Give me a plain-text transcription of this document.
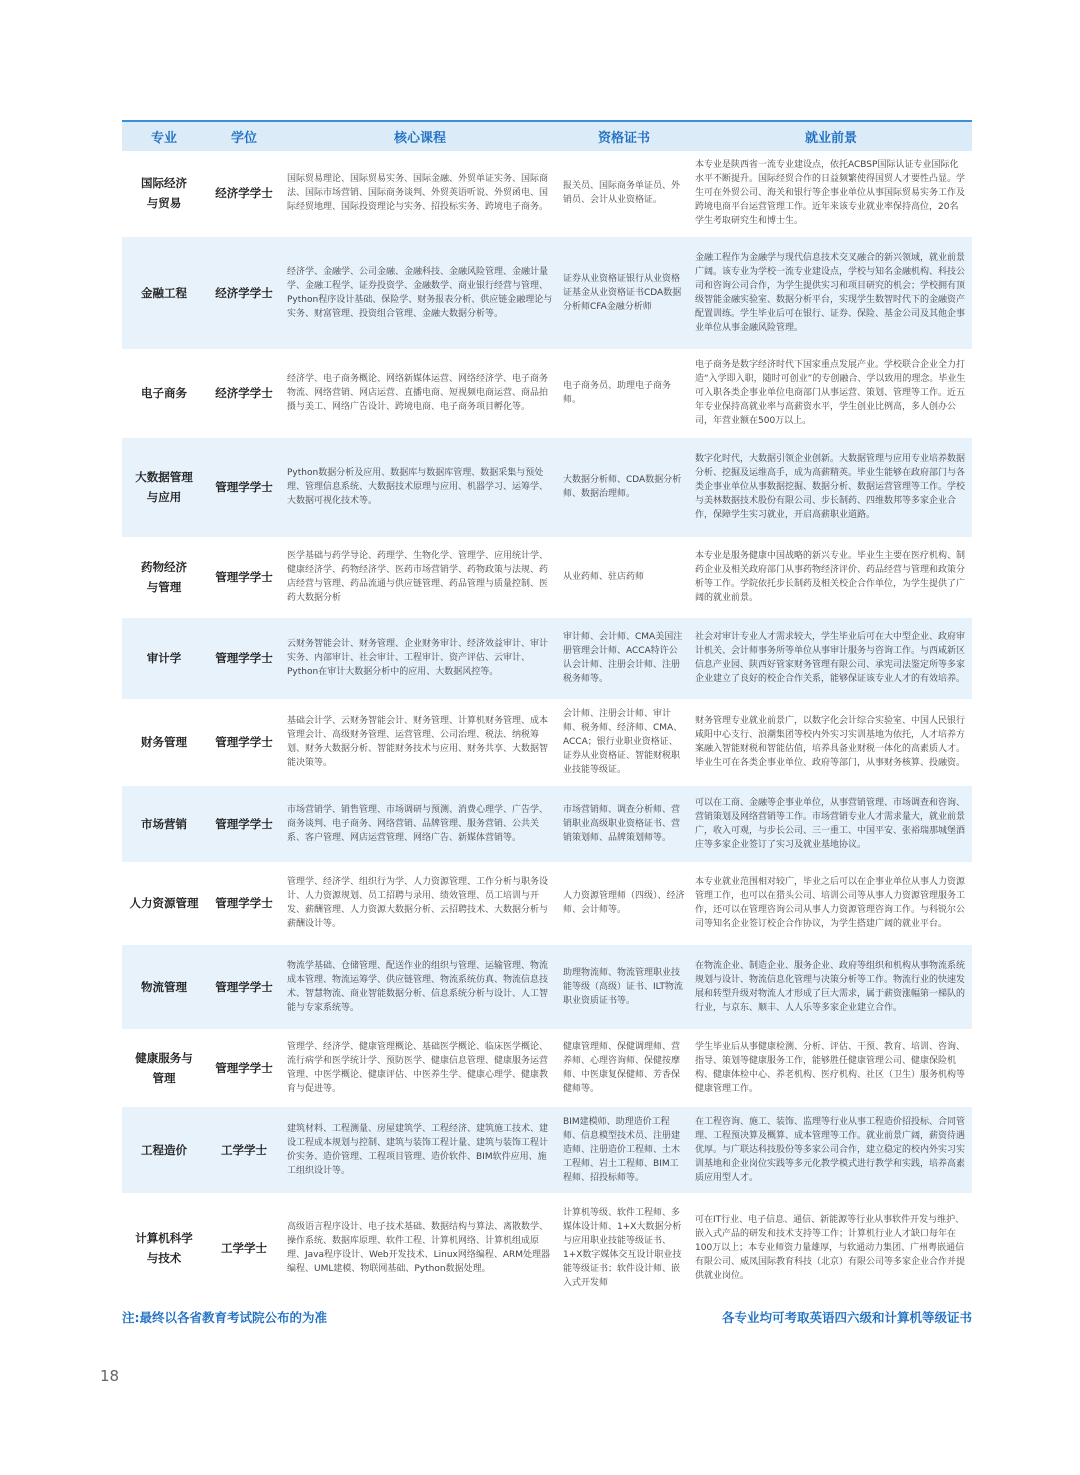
专业	学位	核心课程	资格证书	就业前景
国际经济
与贸易	经济学学士	国际贸易理论、国际贸易实务、国际金融、外贸单证实务、国际商法、国际市场营销、国际商务谈判、外贸英语听说、外贸函电、国际经贸地理、国际投资理论与实务、招投标实务、跨境电子商务。	报关员、国际商务单证员、外销员、会计从业资格证。	本专业是陕西省一流专业建设点，依托ACBSP国际认证专业国际化水平不断提升。国际经贸合作的日益频繁使得国贸人才要性凸显。学生可在外贸公司、海关和银行等企事业单位从事国际贸易实务工作及跨境电商平台运营管理工作。近年来该专业就业率保持高位，20名学生考取研究生和博士生。
金融工程	经济学学士	经济学、金融学、公司金融、金融科技、金融风险管理、金融计量学、金融工程学、证券投资学、金融数学、商业银行经营与管理、Python程序设计基础、保险学、财务报表分析、供应链金融理论与实务、财富管理、投资组合管理、金融大数据分析等。	证券从业资格证银行从业资格证基金从业资格证书CDA数据分析师CFA金融分析师	金融工程作为金融学与现代信息技术交叉融合的新兴领域，就业前景广阔。该专业为学校一流专业建设点，学校与知名金融机构、科技公司和咨询公司合作，为学生提供实习和项目研究的机会；学校拥有顶级智能金融实验室、数据分析平台，实现学生数智时代下的金融资产配置训练。学生毕业后可在银行、证券、保险、基金公司及其他企事业单位从事金融风险管理。
电子商务	经济学学士	经济学、电子商务概论、网络新媒体运营、网络经济学、电子商务物流、网络营销、网店运营、直播电商、短视频电商运营、商品拍摄与美工、网络广告设计、跨境电商、电子商务项目孵化等。	电子商务员、助理电子商务师。	电子商务是数字经济时代下国家重点发展产业。学校联合企业全力打造“入学即入职，随时可创业”的专创融合、学以致用的理念。毕业生可入职各类企事业单位电商部门从事运营、策划、管理等工作。近五年专业保持高就业率与高薪资水平，学生创业比例高，多人创办公司，年营业额在500万以上。
大数据管理
与应用	管理学学士	Python数据分析及应用、数据库与数据库管理、数据采集与预处理、管理信息系统、大数据技术原理与应用、机器学习、运筹学、大数据可视化技术等。	大数据分析师、CDA数据分析师、数据治理师。	数字化时代，大数据引领企业创新。大数据管理与应用专业培养数据分析、挖掘及运维高手，成为高薪精英。毕业生能够在政府部门与各类企事业单位从事数据挖掘、数据分析、数据运营管理等工作。学校与美林数据技术股份有限公司、步长制药、四维数邦等多家企业合作，保障学生实习就业，开启高薪职业道路。
药物经济
与管理	管理学学士	医学基础与药学导论、药理学、生物化学、管理学、应用统计学、健康经济学、药物经济学、医药市场营销学、药物政策与法规、药店经营与管理、药品流通与供应链管理、药品管理与质量控制、医药大数据分析	从业药师、驻店药师	本专业是服务健康中国战略的新兴专业。毕业生主要在医疗机构、制药企业及相关政府部门从事药物经济评价、药品经营与管理和政策分析等工作。学院依托步长制药及相关校企合作单位，为学生提供了广阔的就业前景。
审计学	管理学学士	云财务智能会计、财务管理、企业财务审计、经济效益审计、审计实务、内部审计、社会审计、工程审计、资产评估、云审计、Python在审计大数据分析中的应用、大数据风控等。	审计师、会计师、CMA美国注册管理会计师、ACCA特许公认会计师、注册会计师、注册税务师等。	社会对审计专业人才需求较大，学生毕业后可在大中型企业、政府审计机关、会计师事务所等单位从事审计服务与咨询工作。与西咸新区信息产业园、陕西好管家财务管理有限公司、承宪司法鉴定所等多家企业建立了良好的校企合作关系，能够保证该专业人才的有效培养。
财务管理	管理学学士	基础会计学、云财务智能会计、财务管理、计算机财务管理、成本管理会计、高级财务管理、运营管理、公司治理、税法、纳税筹划、财务大数据分析、智能财务技术与应用、财务共享、大数据智能决策等。	会计师、注册会计师、审计师、税务师、经济师、CMA、ACCA；银行业职业资格证、证券从业资格证、智能财税职业技能等级证。	财务管理专业就业前景广，以数字化会计综合实验室、中国人民银行咸阳中心支行、浪潮集团等校内外实习实训基地为依托，人才培养方案融入智能财税和智能估值，培养具备业财税一体化的高素质人才。毕业生可在各类企事业单位、政府等部门，从事财务核算、投融资。
市场营销	管理学学士	市场营销学、销售管理、市场调研与预测、消费心理学、广告学、商务谈判、电子商务、网络营销、品牌管理、服务营销、公共关系、客户管理、网店运营管理、网络广告、新媒体营销等。	市场营销师、调查分析师、营销职业高级职业资格证书、营销策划师、品牌策划师等。	可以在工商、金融等企事业单位，从事营销管理、市场调查和咨询、营销策划及网络营销等工作。市场营销专业人才需求量大，就业前景广，收入可观，与步长公司、三一重工、中国平安、张裕瑞那城堡酒庄等多家企业签订了实习及就业基地协议。
人力资源管理	管理学学士	管理学、经济学、组织行为学、人力资源管理、工作分析与职务设计、人力资源规划、员工招聘与录用、绩效管理、员工培训与开发、薪酬管理、人力资源大数据分析、云招聘技术、大数据分析与薪酬设计等。	人力资源管理师（四级）、经济师、会计师等。	本专业就业范围相对较广，毕业之后可以在企事业单位从事人力资源管理工作，也可以在猎头公司、培训公司等从事人力资源管理服务工作，还可以在管理咨询公司从事人力资源管理咨询工作。与科锐尔公司等知名企业签订校企合作协议，为学生搭建广阔的就业平台。
物流管理	管理学学士	物流学基础、仓储管理、配送作业的组织与管理、运输管理、物流成本管理、物流运筹学、供应链管理、物流系统仿真、物流信息技术、智慧物流、商业智能数据分析、信息系统分析与设计、人工智能与专家系统等。	助理物流师、物流管理职业技能等级（高级）证书、ILT物流职业资质证书等。	在物流企业、制造企业、服务企业、政府等组织和机构从事物流系统规划与设计、物流信息化管理与决策分析等工作。物流行业的快速发展和转型升级对物流人才形成了巨大需求，属于薪资涨幅第一梯队的行业，与京东、顺丰、人人乐等多家企业建立合作。
健康服务与
管理	管理学学士	管理学、经济学、健康管理概论、基础医学概论、临床医学概论、流行病学和医学统计学、预防医学、健康信息管理、健康服务运营管理、中医学概论、健康评估、中医养生学、健康心理学、健康教育与促进等。	健康管理师、保健调理师、营养师、心理咨询师、保健按摩师、中医康复保健师、芳香保健师等。	学生毕业后从事健康检测、分析、评估、干预、教育、培训、咨询、指导、策划等健康服务工作，能够胜任健康管理公司、健康保险机构、健康体检中心、养老机构、医疗机构、社区（卫生）服务机构等健康管理工作。
工程造价	工学学士	建筑材料、工程测量、房屋建筑学、工程经济、建筑施工技术、建设工程成本规划与控制、建筑与装饰工程计量、建筑与装饰工程计价实务、造价管理、工程项目管理、造价软件、BIM软件应用、施工组织设计等。	BIM建模师、助理造价工程师、信息模型技术员、注册建造师、注册造价工程师、土木工程师、岩土工程师、BIM工程师、招投标师等。	在工程咨询、施工、装饰、监理等行业从事工程造价招投标、合同管理、工程预决算及概算、成本管理等工作。就业前景广阔，薪资待遇优厚。与广联达科技股份等多家公司合作，建立稳定的校内外实习实训基地和企业岗位实践等多元化教学模式进行教学和实践，培养高素质应用型人才。
计算机科学
与技术	工学学士	高级语言程序设计、电子技术基础、数据结构与算法、离散数学、操作系统、数据库原理、软件工程、计算机网络、计算机组成原理、Java程序设计、Web开发技术、Linux网络编程、ARM处理器编程、UML建模、物联网基础、Python数据处理。	计算机等级、软件工程师、多媒体设计师、1+X大数据分析与应用职业技能等级证书、1+X数字媒体交互设计职业技能等级证书；软件设计师、嵌入式开发师	可在IT行业、电子信息、通信、新能源等行业从事软件开发与维护、嵌入式产品的研发和技术支持等工作；计算机行业人才缺口每年在100万以上；本专业师资力量雄厚，与软通动力集团、广州粤嵌通信有限公司、威凤国际教育科技（北京）有限公司等多家企业合作并提供就业岗位。
注:最终以各省教育考试院公布的为准	各专业均可考取英语四六级和计算机等级证书
18
